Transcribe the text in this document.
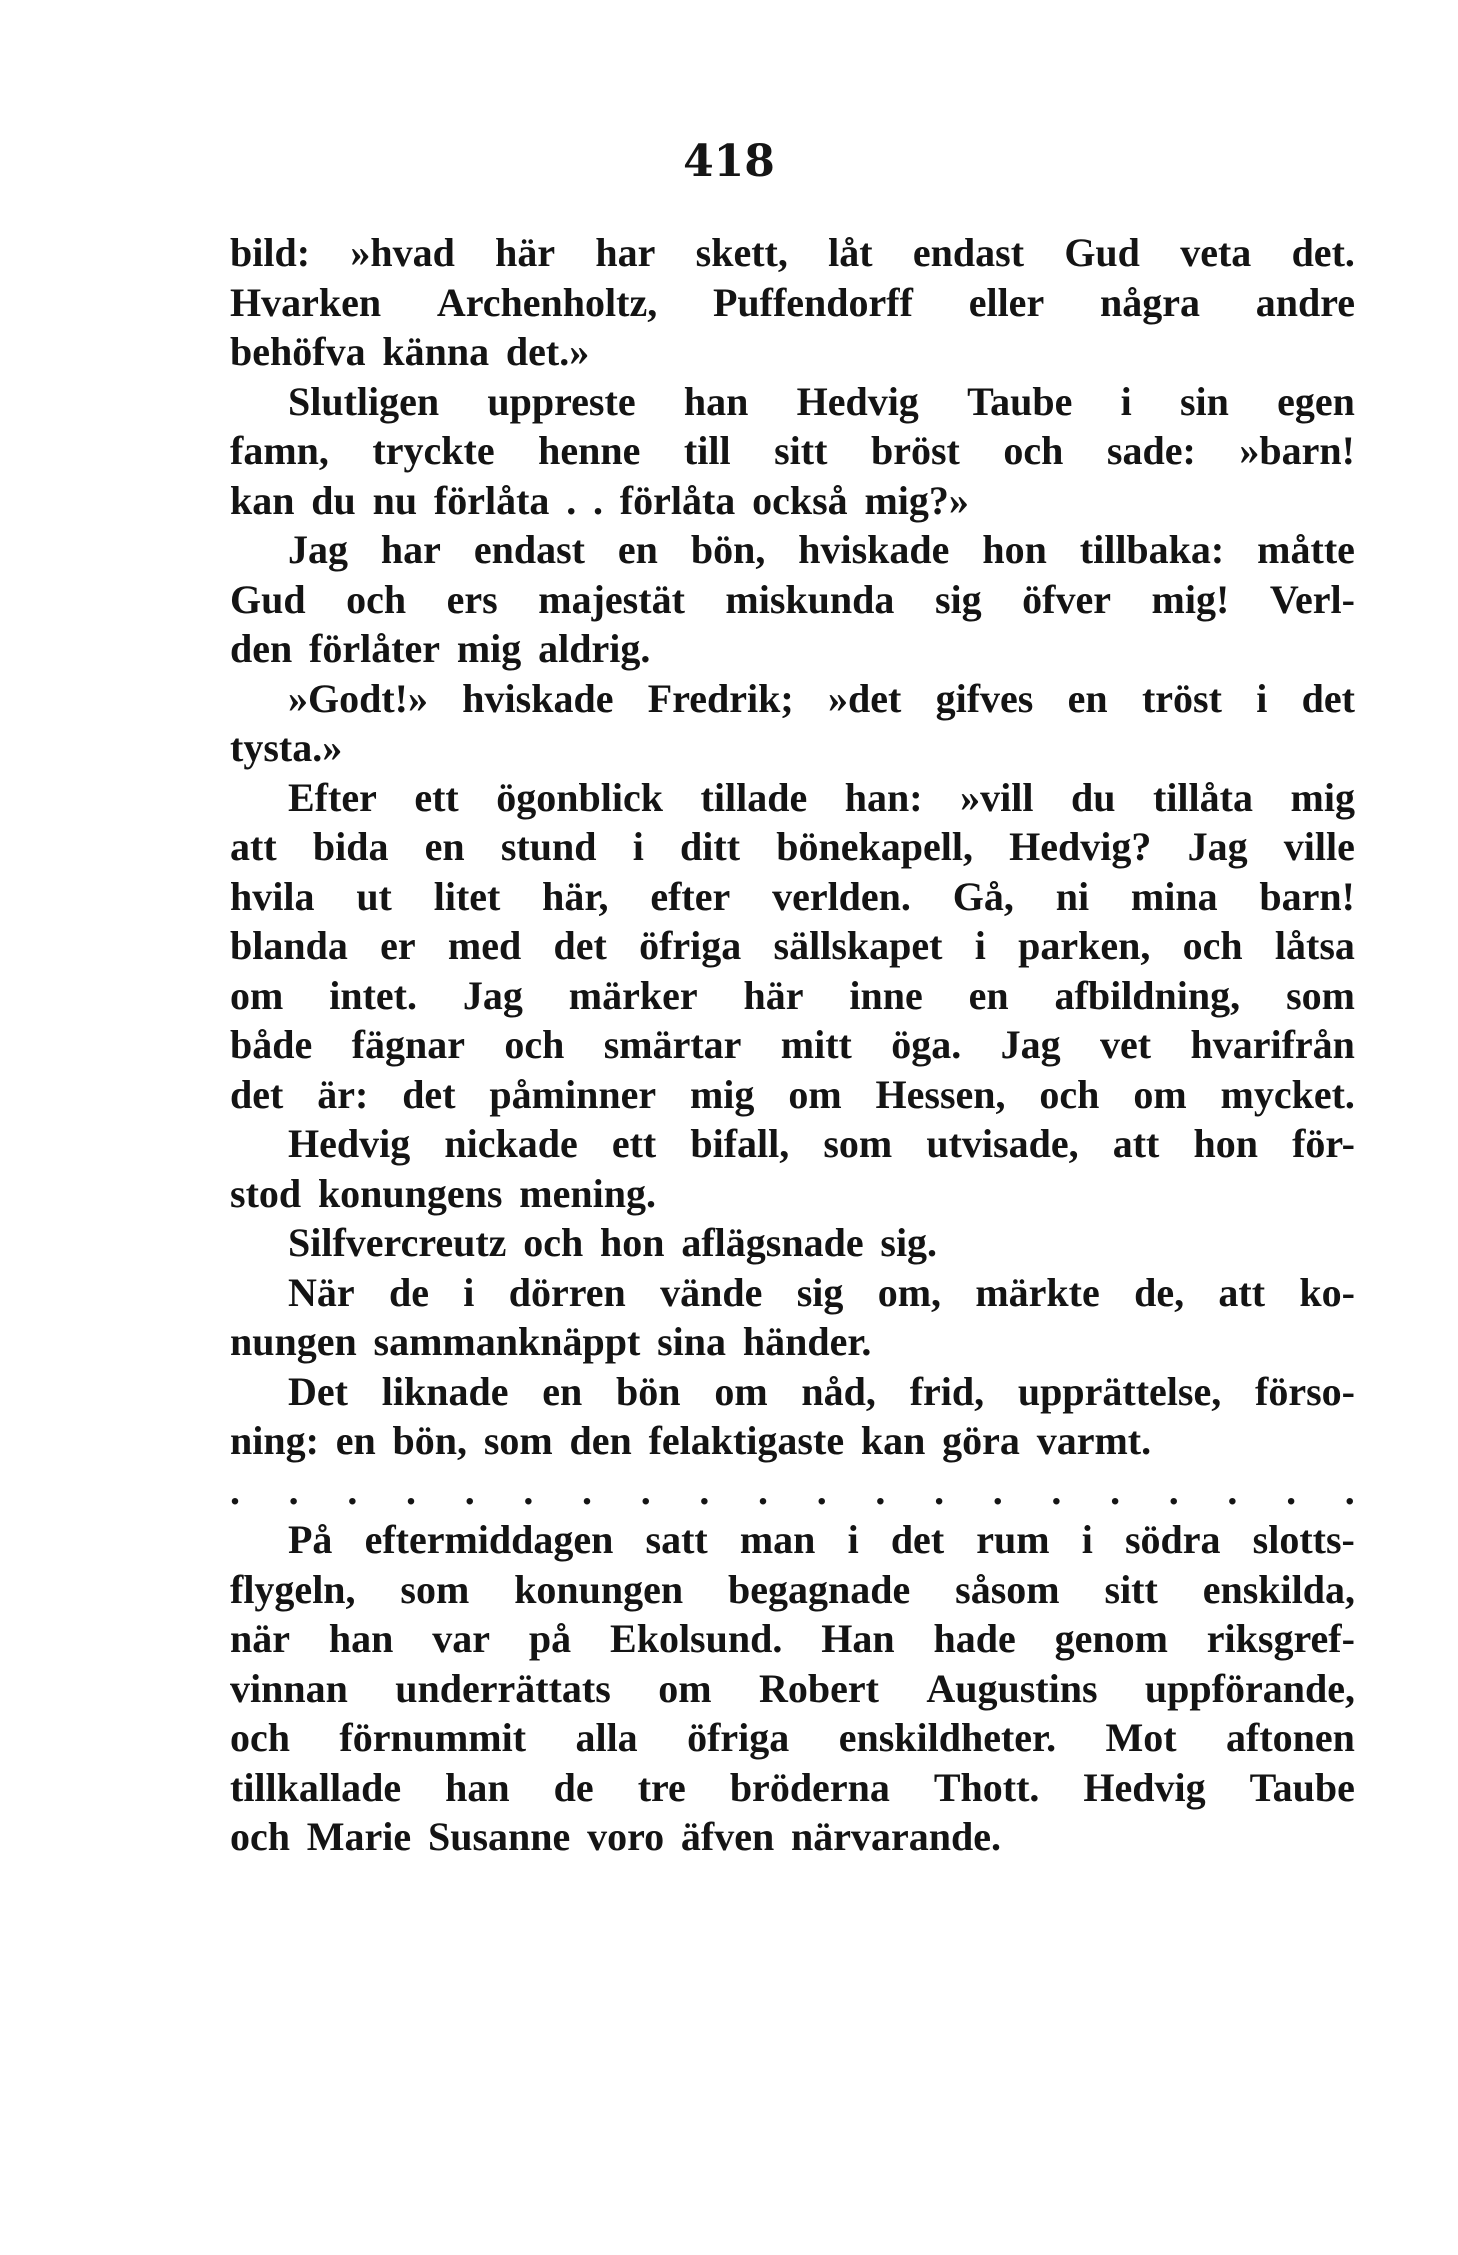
418
bild: »hvad här har skett, låt endast Gud veta det.
Hvarken Archenholtz, Puffendorff eller några andre
behöfva känna det.»
Slutligen uppreste han Hedvig Taube i sin egen
famn, tryckte henne till sitt bröst och sade: »barn!
kan du nu förlåta . . förlåta också mig?»
Jag har endast en bön, hviskade hon tillbaka: måtte
Gud och ers majestät miskunda sig öfver mig! Verl-
den förlåter mig aldrig.
»Godt!» hviskade Fredrik; »det gifves en tröst i det
tysta.»
Efter ett ögonblick tillade han: »vill du tillåta mig
att bida en stund i ditt bönekapell, Hedvig? Jag ville
hvila ut litet här, efter verlden. Gå, ni mina barn!
blanda er med det öfriga sällskapet i parken, och låtsa
om intet. Jag märker här inne en afbildning, som
både fägnar och smärtar mitt öga. Jag vet hvarifrån
det är: det påminner mig om Hessen, och om mycket.
Hedvig nickade ett bifall, som utvisade, att hon för-
stod konungens mening.
Silfvercreutz och hon aflägsnade sig.
När de i dörren vände sig om, märkte de, att ko-
nungen sammanknäppt sina händer.
Det liknade en bön om nåd, frid, upprättelse, förso-
ning: en bön, som den felaktigaste kan göra varmt.
. . . . . . . . . . . . . . . . . . . .
På eftermiddagen satt man i det rum i södra slotts-
flygeln, som konungen begagnade såsom sitt enskilda,
när han var på Ekolsund. Han hade genom riksgref-
vinnan underrättats om Robert Augustins uppförande,
och förnummit alla öfriga enskildheter. Mot aftonen
tillkallade han de tre bröderna Thott. Hedvig Taube
och Marie Susanne voro äfven närvarande.
